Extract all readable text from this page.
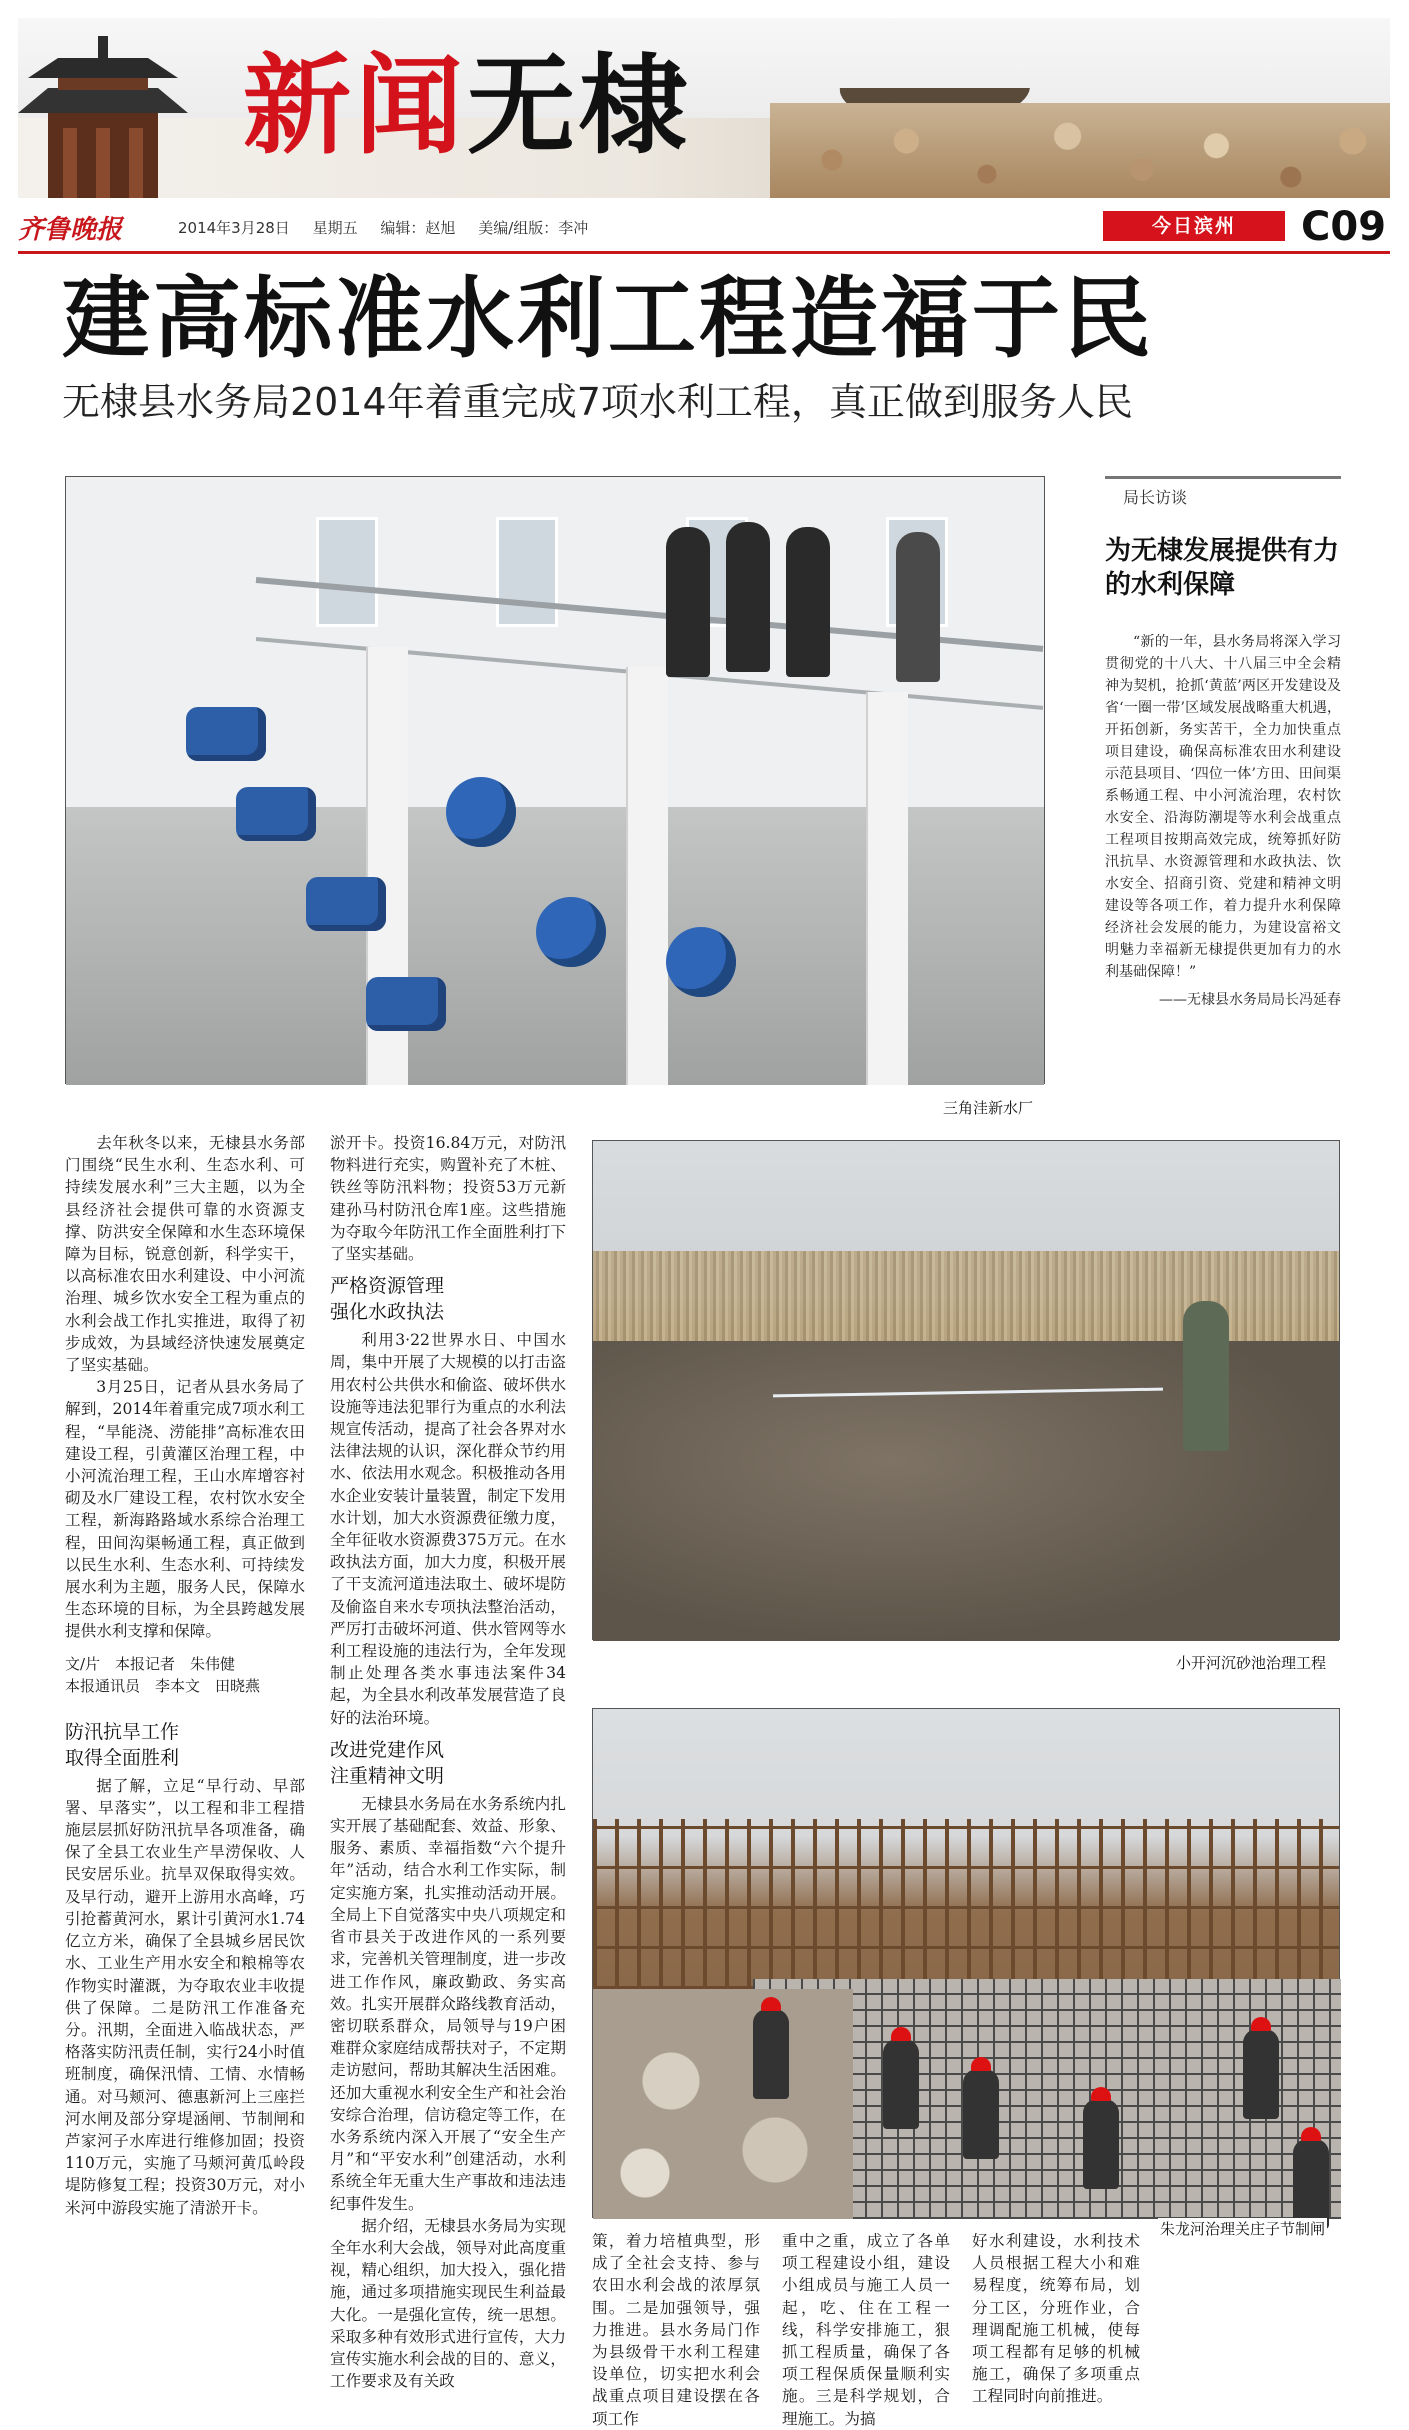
新闻无棣
齐鲁晚报	2014年3月28日 星期五 编辑：赵旭 美编/组版：李冲	今日滨州	C09
建高标准水利工程造福于民
无棣县水务局2014年着重完成7项水利工程，真正做到服务人民
三角洼新水厂
局长访谈
为无棣发展提供有力的水利保障
“新的一年，县水务局将深入学习贯彻党的十八大、十八届三中全会精神为契机，抢抓‘黄蓝’两区开发建设及省‘一圈一带’区域发展战略重大机遇，开拓创新，务实苦干，全力加快重点项目建设，确保高标准农田水利建设示范县项目、‘四位一体’方田、田间渠系畅通工程、中小河流治理，农村饮水安全、沿海防潮堤等水利会战重点工程项目按期高效完成，统筹抓好防汛抗旱、水资源管理和水政执法、饮水安全、招商引资、党建和精神文明建设等各项工作，着力提升水利保障经济社会发展的能力，为建设富裕文明魅力幸福新无棣提供更加有力的水利基础保障！”
——无棣县水务局局长冯延春
小开河沉砂池治理工程
朱龙河治理关庄子节制闸

去年秋冬以来，无棣县水务部门围绕“民生水利、生态水利、可持续发展水利”三大主题，以为全县经济社会提供可靠的水资源支撑、防洪安全保障和水生态环境保障为目标，锐意创新，科学实干，以高标准农田水利建设、中小河流治理、城乡饮水安全工程为重点的水利会战工作扎实推进，取得了初步成效，为县域经济快速发展奠定了坚实基础。

3月25日，记者从县水务局了解到，2014年着重完成7项水利工程，“旱能浇、涝能排”高标准农田建设工程，引黄灌区治理工程，中小河流治理工程，王山水库增容衬砌及水厂建设工程，农村饮水安全工程，新海路路域水系综合治理工程，田间沟渠畅通工程，真正做到以民生水利、生态水利、可持续发展水利为主题，服务人民，保障水生态环境的目标，为全县跨越发展提供水利支撑和保障。

文/片　本报记者　朱伟健
本报通讯员　李本文　田晓燕
防汛抗旱工作
取得全面胜利

据了解，立足“早行动、早部署、早落实”，以工程和非工程措施层层抓好防汛抗旱各项准备，确保了全县工农业生产旱涝保收、人民安居乐业。抗旱双保取得实效。及早行动，避开上游用水高峰，巧引抢蓄黄河水，累计引黄河水1.74亿立方米，确保了全县城乡居民饮水、工业生产用水安全和粮棉等农作物实时灌溉，为夺取农业丰收提供了保障。二是防汛工作准备充分。汛期，全面进入临战状态，严格落实防汛责任制，实行24小时值班制度，确保汛情、工情、水情畅通。对马颊河、德惠新河上三座拦河水闸及部分穿堤涵闸、节制闸和芦家河子水库进行维修加固；投资110万元，实施了马颊河黄瓜岭段堤防修复工程；投资30万元，对小米河中游段实施了清淤开卡。

淤开卡。投资16.84万元，对防汛物料进行充实，购置补充了木桩、铁丝等防汛料物；投资53万元新建孙马村防汛仓库1座。这些措施为夺取今年防汛工作全面胜利打下了坚实基础。

严格资源管理
强化水政执法

利用3·22世界水日、中国水周，集中开展了大规模的以打击盗用农村公共供水和偷盗、破坏供水设施等违法犯罪行为重点的水利法规宣传活动，提高了社会各界对水法律法规的认识，深化群众节约用水、依法用水观念。积极推动各用水企业安装计量装置，制定下发用水计划，加大水资源费征缴力度，全年征收水资源费375万元。在水政执法方面，加大力度，积极开展了干支流河道违法取土、破坏堤防及偷盗自来水专项执法整治活动，严厉打击破坏河道、供水管网等水利工程设施的违法行为，全年发现制止处理各类水事违法案件34起，为全县水利改革发展营造了良好的法治环境。

改进党建作风
注重精神文明

无棣县水务局在水务系统内扎实开展了基础配套、效益、形象、服务、素质、幸福指数“六个提升年”活动，结合水利工作实际，制定实施方案，扎实推动活动开展。全局上下自觉落实中央八项规定和省市县关于改进作风的一系列要求，完善机关管理制度，进一步改进工作作风，廉政勤政、务实高效。扎实开展群众路线教育活动，密切联系群众，局领导与19户困难群众家庭结成帮扶对子，不定期走访慰问，帮助其解决生活困难。还加大重视水利安全生产和社会治安综合治理，信访稳定等工作，在水务系统内深入开展了“安全生产月”和“平安水利”创建活动，水利系统全年无重大生产事故和违法违纪事件发生。

据介绍，无棣县水务局为实现全年水利大会战，领导对此高度重视，精心组织，加大投入，强化措施，通过多项措施实现民生利益最大化。一是强化宣传，统一思想。采取多种有效形式进行宣传，大力宣传实施水利会战的目的、意义，工作要求及有关政

策，着力培植典型，形成了全社会支持、参与农田水利会战的浓厚氛围。二是加强领导，强力推进。县水务局门作为县级骨干水利工程建设单位，切实把水利会战重点项目建设摆在各项工作
重中之重，成立了各单项工程建设小组，建设小组成员与施工人员一起，吃、住在工程一线，科学安排施工，狠抓工程质量，确保了各项工程保质保量顺利实施。三是科学规划，合理施工。为搞
好水利建设，水利技术人员根据工程大小和难易程度，统筹布局，划分工区，分班作业，合理调配施工机械，使每项工程都有足够的机械施工，确保了多项重点工程同时向前推进。
